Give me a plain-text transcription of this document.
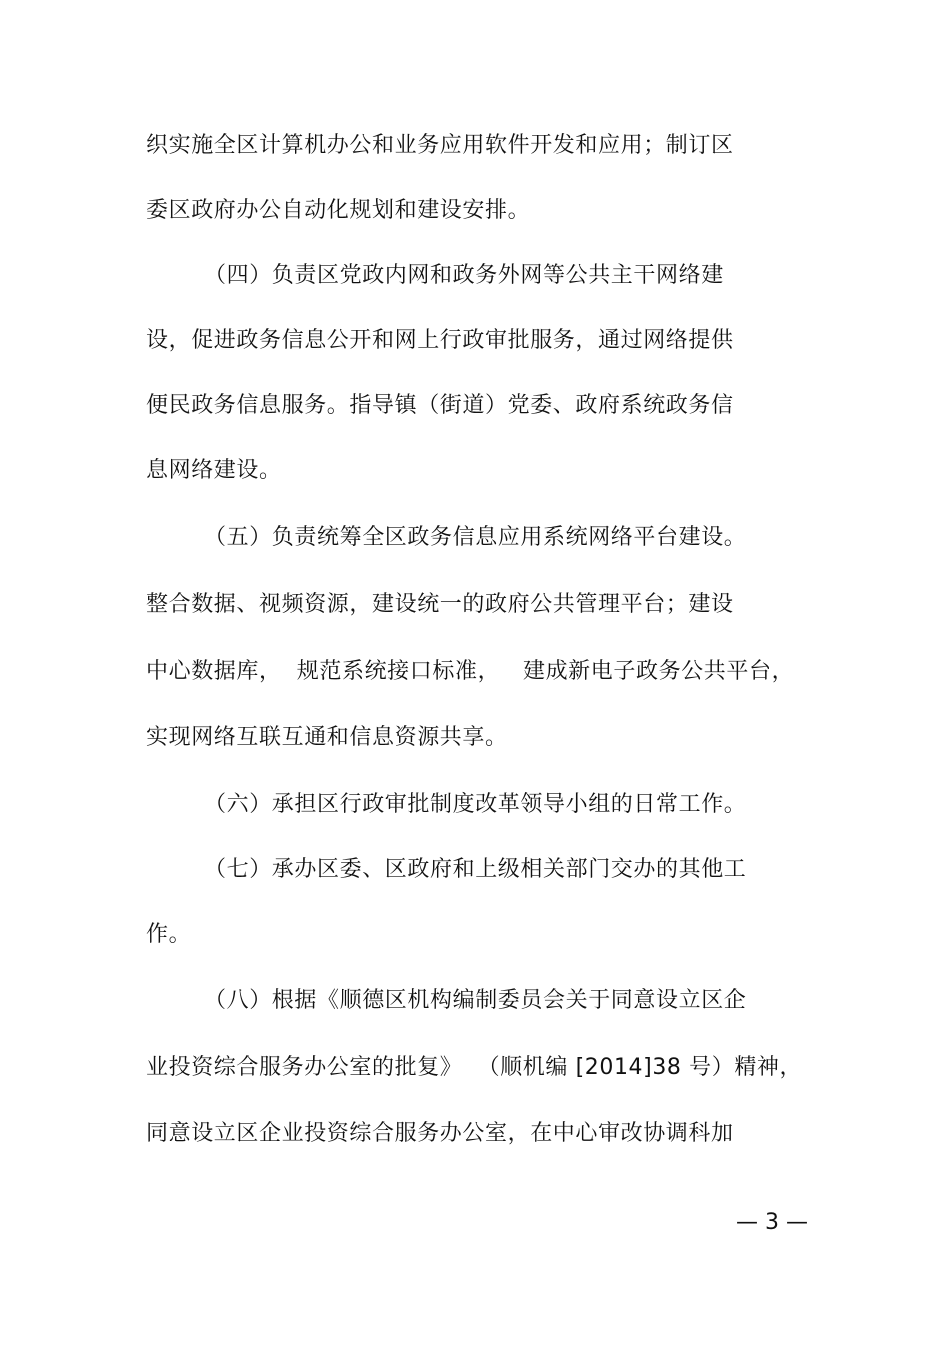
织实施全区计算机办公和业务应用软件开发和应用；制订区
委区政府办公自动化规划和建设安排。
（四）负责区党政内网和政务外网等公共主干网络建
设，促进政务信息公开和网上行政审批服务，通过网络提供
便民政务信息服务。指导镇（街道）党委、政府系统政务信
息网络建设。
（五）负责统筹全区政务信息应用系统网络平台建设。
整合数据、视频资源，建设统一的政府公共管理平台；建设
中心数据库，  规范系统接口标准，   建成新电子政务公共平台，
实现网络互联互通和信息资源共享。
（六）承担区行政审批制度改革领导小组的日常工作。
（七）承办区委、区政府和上级相关部门交办的其他工
作。
（八）根据《顺德区机构编制委员会关于同意设立区企
业投资综合服务办公室的批复》  （顺机编 [2014]38 号）精神，
同意设立区企业投资综合服务办公室，在中心审改协调科加
— 3 —
